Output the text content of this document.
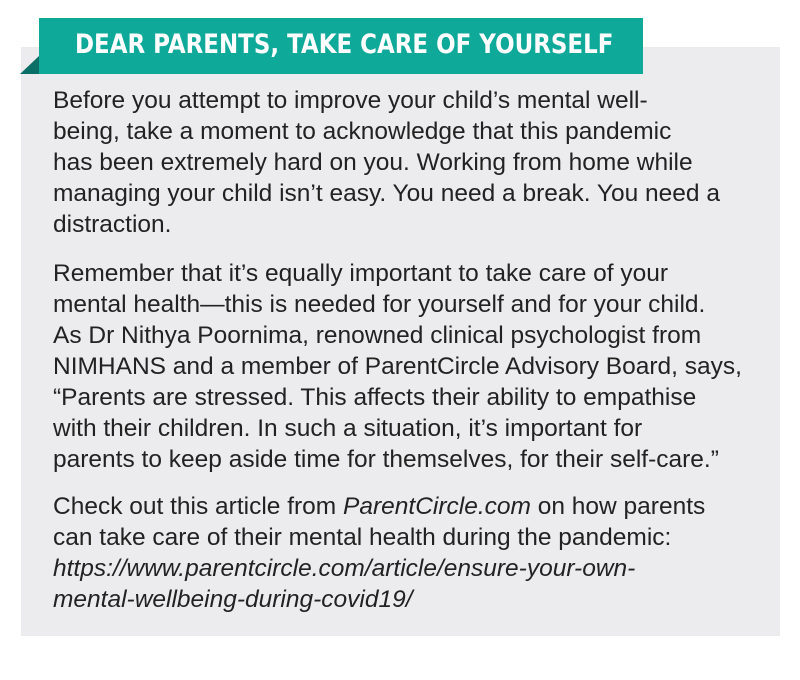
DEAR PARENTS, TAKE CARE OF YOURSELF

Before you attempt to improve your child’s mental well-
being, take a moment to acknowledge that this pandemic
has been extremely hard on you. Working from home while
managing your child isn’t easy. You need a break. You need a
distraction.

Remember that it’s equally important to take care of your
mental health—this is needed for yourself and for your child.
As Dr Nithya Poornima, renowned clinical psychologist from
NIMHANS and a member of ParentCircle Advisory Board, says,
“Parents are stressed. This affects their ability to empathise
with their children. In such a situation, it’s important for
parents to keep aside time for themselves, for their self-care.”

Check out this article from ParentCircle.com on how parents
can take care of their mental health during the pandemic:
https://www.parentcircle.com/article/ensure-your-own-
mental-wellbeing-during-covid19/
